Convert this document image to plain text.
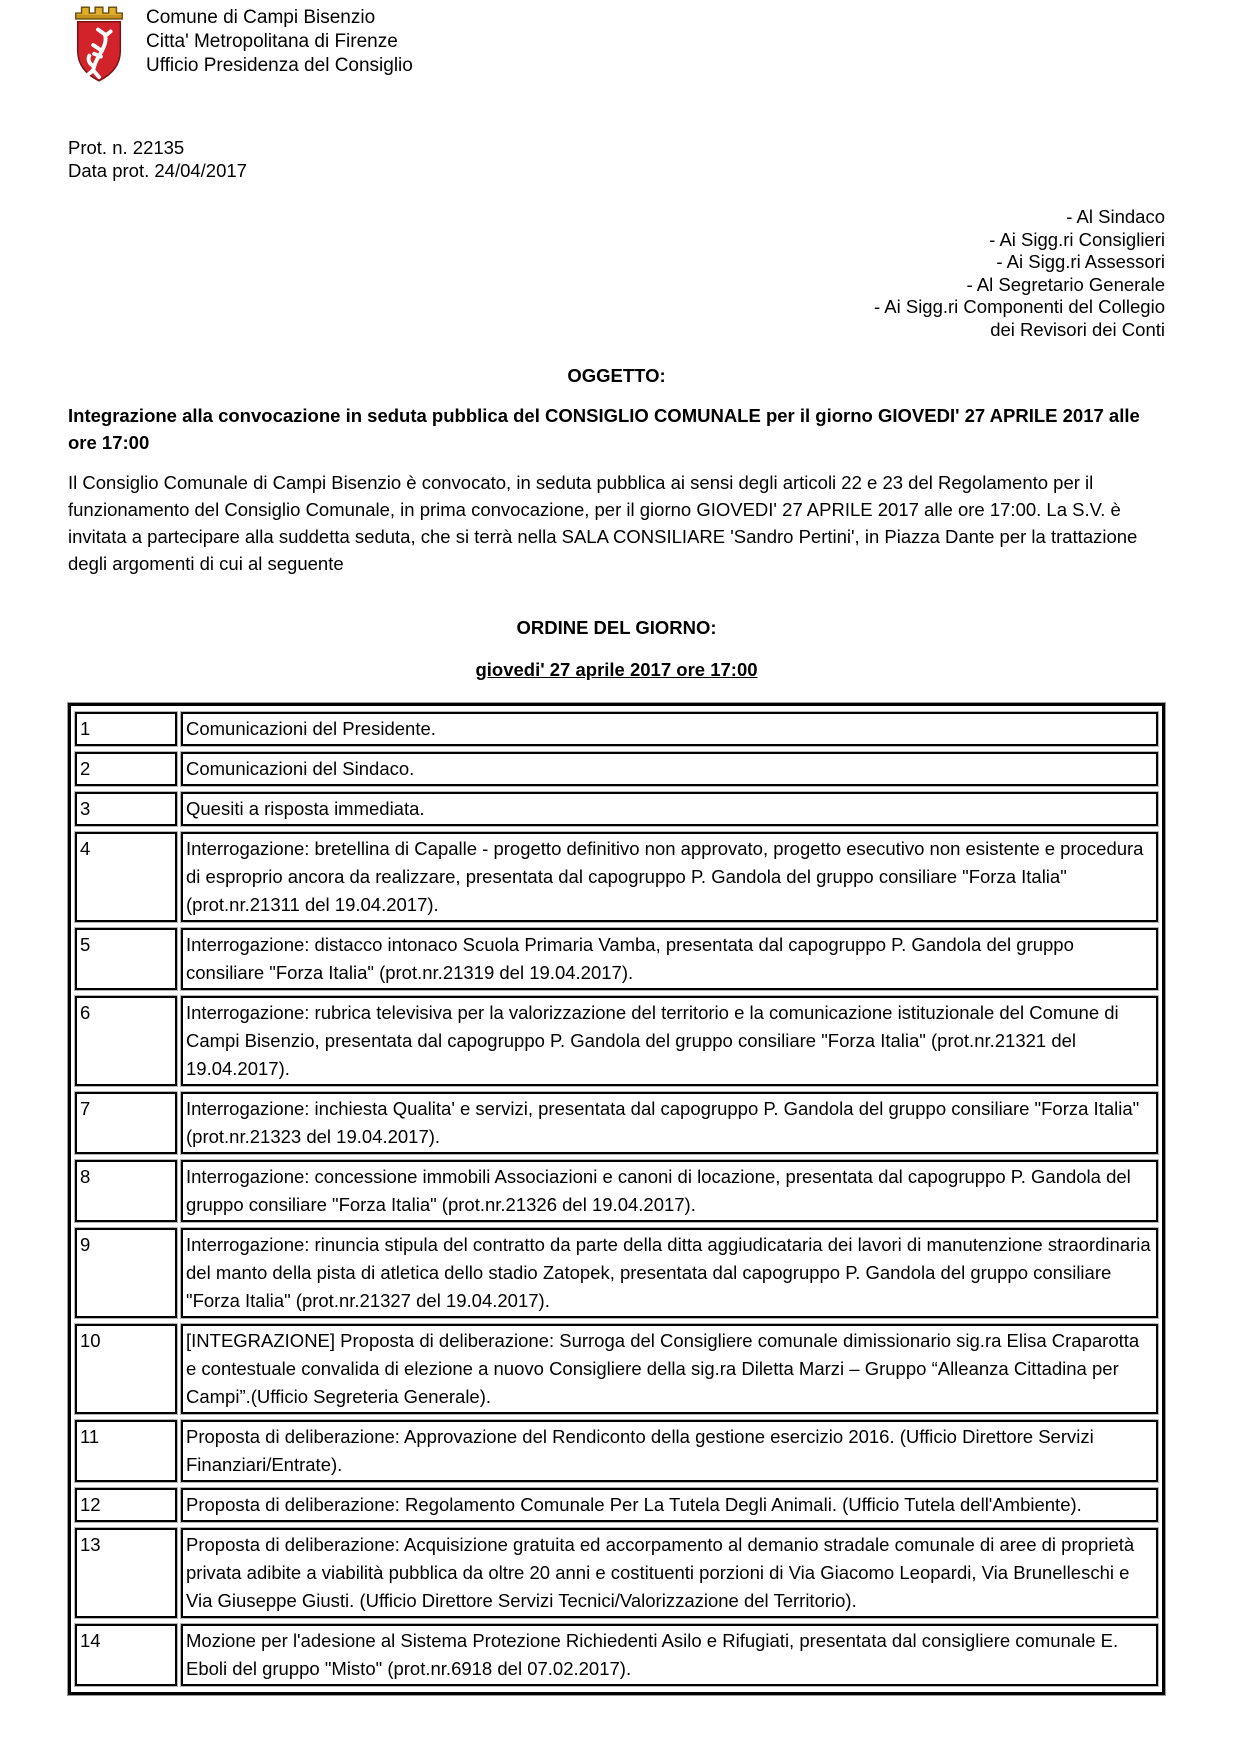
Comune di Campi Bisenzio
Citta' Metropolitana di Firenze
Ufficio Presidenza del Consiglio
Prot. n. 22135
Data prot. 24/04/2017
- Al Sindaco
- Ai Sigg.ri Consiglieri
- Ai Sigg.ri Assessori
- Al Segretario Generale
- Ai Sigg.ri Componenti del Collegio
dei Revisori dei Conti
OGGETTO:
Integrazione alla convocazione in seduta pubblica del CONSIGLIO COMUNALE per il giorno GIOVEDI' 27 APRILE 2017 alle ore 17:00
Il Consiglio Comunale di Campi Bisenzio è convocato, in seduta pubblica ai sensi degli articoli 22 e 23 del Regolamento per il funzionamento del Consiglio Comunale, in prima convocazione, per il giorno GIOVEDI' 27 APRILE 2017 alle ore 17:00. La S.V. è invitata a partecipare alla suddetta seduta, che si terrà nella SALA CONSILIARE 'Sandro Pertini', in Piazza Dante per la trattazione degli argomenti di cui al seguente
ORDINE DEL GIORNO:
giovedi' 27 aprile 2017 ore 17:00
1	Comunicazioni del Presidente.
2	Comunicazioni del Sindaco.
3	Quesiti a risposta immediata.
4	Interrogazione: bretellina di Capalle - progetto definitivo non approvato, progetto esecutivo non esistente e procedura di esproprio ancora da realizzare, presentata dal capogruppo P. Gandola del gruppo consiliare "Forza Italia" (prot.nr.21311 del 19.04.2017).
5	Interrogazione: distacco intonaco Scuola Primaria Vamba, presentata dal capogruppo P. Gandola del gruppo consiliare "Forza Italia" (prot.nr.21319 del 19.04.2017).
6	Interrogazione: rubrica televisiva per la valorizzazione del territorio e la comunicazione istituzionale del Comune di Campi Bisenzio, presentata dal capogruppo P. Gandola del gruppo consiliare "Forza Italia" (prot.nr.21321 del 19.04.2017).
7	Interrogazione: inchiesta Qualita' e servizi, presentata dal capogruppo P. Gandola del gruppo consiliare "Forza Italia" (prot.nr.21323 del 19.04.2017).
8	Interrogazione: concessione immobili Associazioni e canoni di locazione, presentata dal capogruppo P. Gandola del gruppo consiliare "Forza Italia" (prot.nr.21326 del 19.04.2017).
9	Interrogazione: rinuncia stipula del contratto da parte della ditta aggiudicataria dei lavori di manutenzione straordinaria del manto della pista di atletica dello stadio Zatopek, presentata dal capogruppo P. Gandola del gruppo consiliare "Forza Italia" (prot.nr.21327 del 19.04.2017).
10	[INTEGRAZIONE] Proposta di deliberazione: Surroga del Consigliere comunale dimissionario sig.ra Elisa Craparotta e contestuale convalida di elezione a nuovo Consigliere della sig.ra Diletta Marzi – Gruppo “Alleanza Cittadina per Campi”.(Ufficio Segreteria Generale).
11	Proposta di deliberazione: Approvazione del Rendiconto della gestione esercizio 2016. (Ufficio Direttore Servizi Finanziari/Entrate).
12	Proposta di deliberazione: Regolamento Comunale Per La Tutela Degli Animali. (Ufficio Tutela dell'Ambiente).
13	Proposta di deliberazione: Acquisizione gratuita ed accorpamento al demanio stradale comunale di aree di proprietà privata adibite a viabilità pubblica da oltre 20 anni e costituenti porzioni di Via Giacomo Leopardi, Via Brunelleschi e Via Giuseppe Giusti. (Ufficio Direttore Servizi Tecnici/Valorizzazione del Territorio).
14	Mozione per l'adesione al Sistema Protezione Richiedenti Asilo e Rifugiati, presentata dal consigliere comunale E. Eboli del gruppo "Misto" (prot.nr.6918 del 07.02.2017).
